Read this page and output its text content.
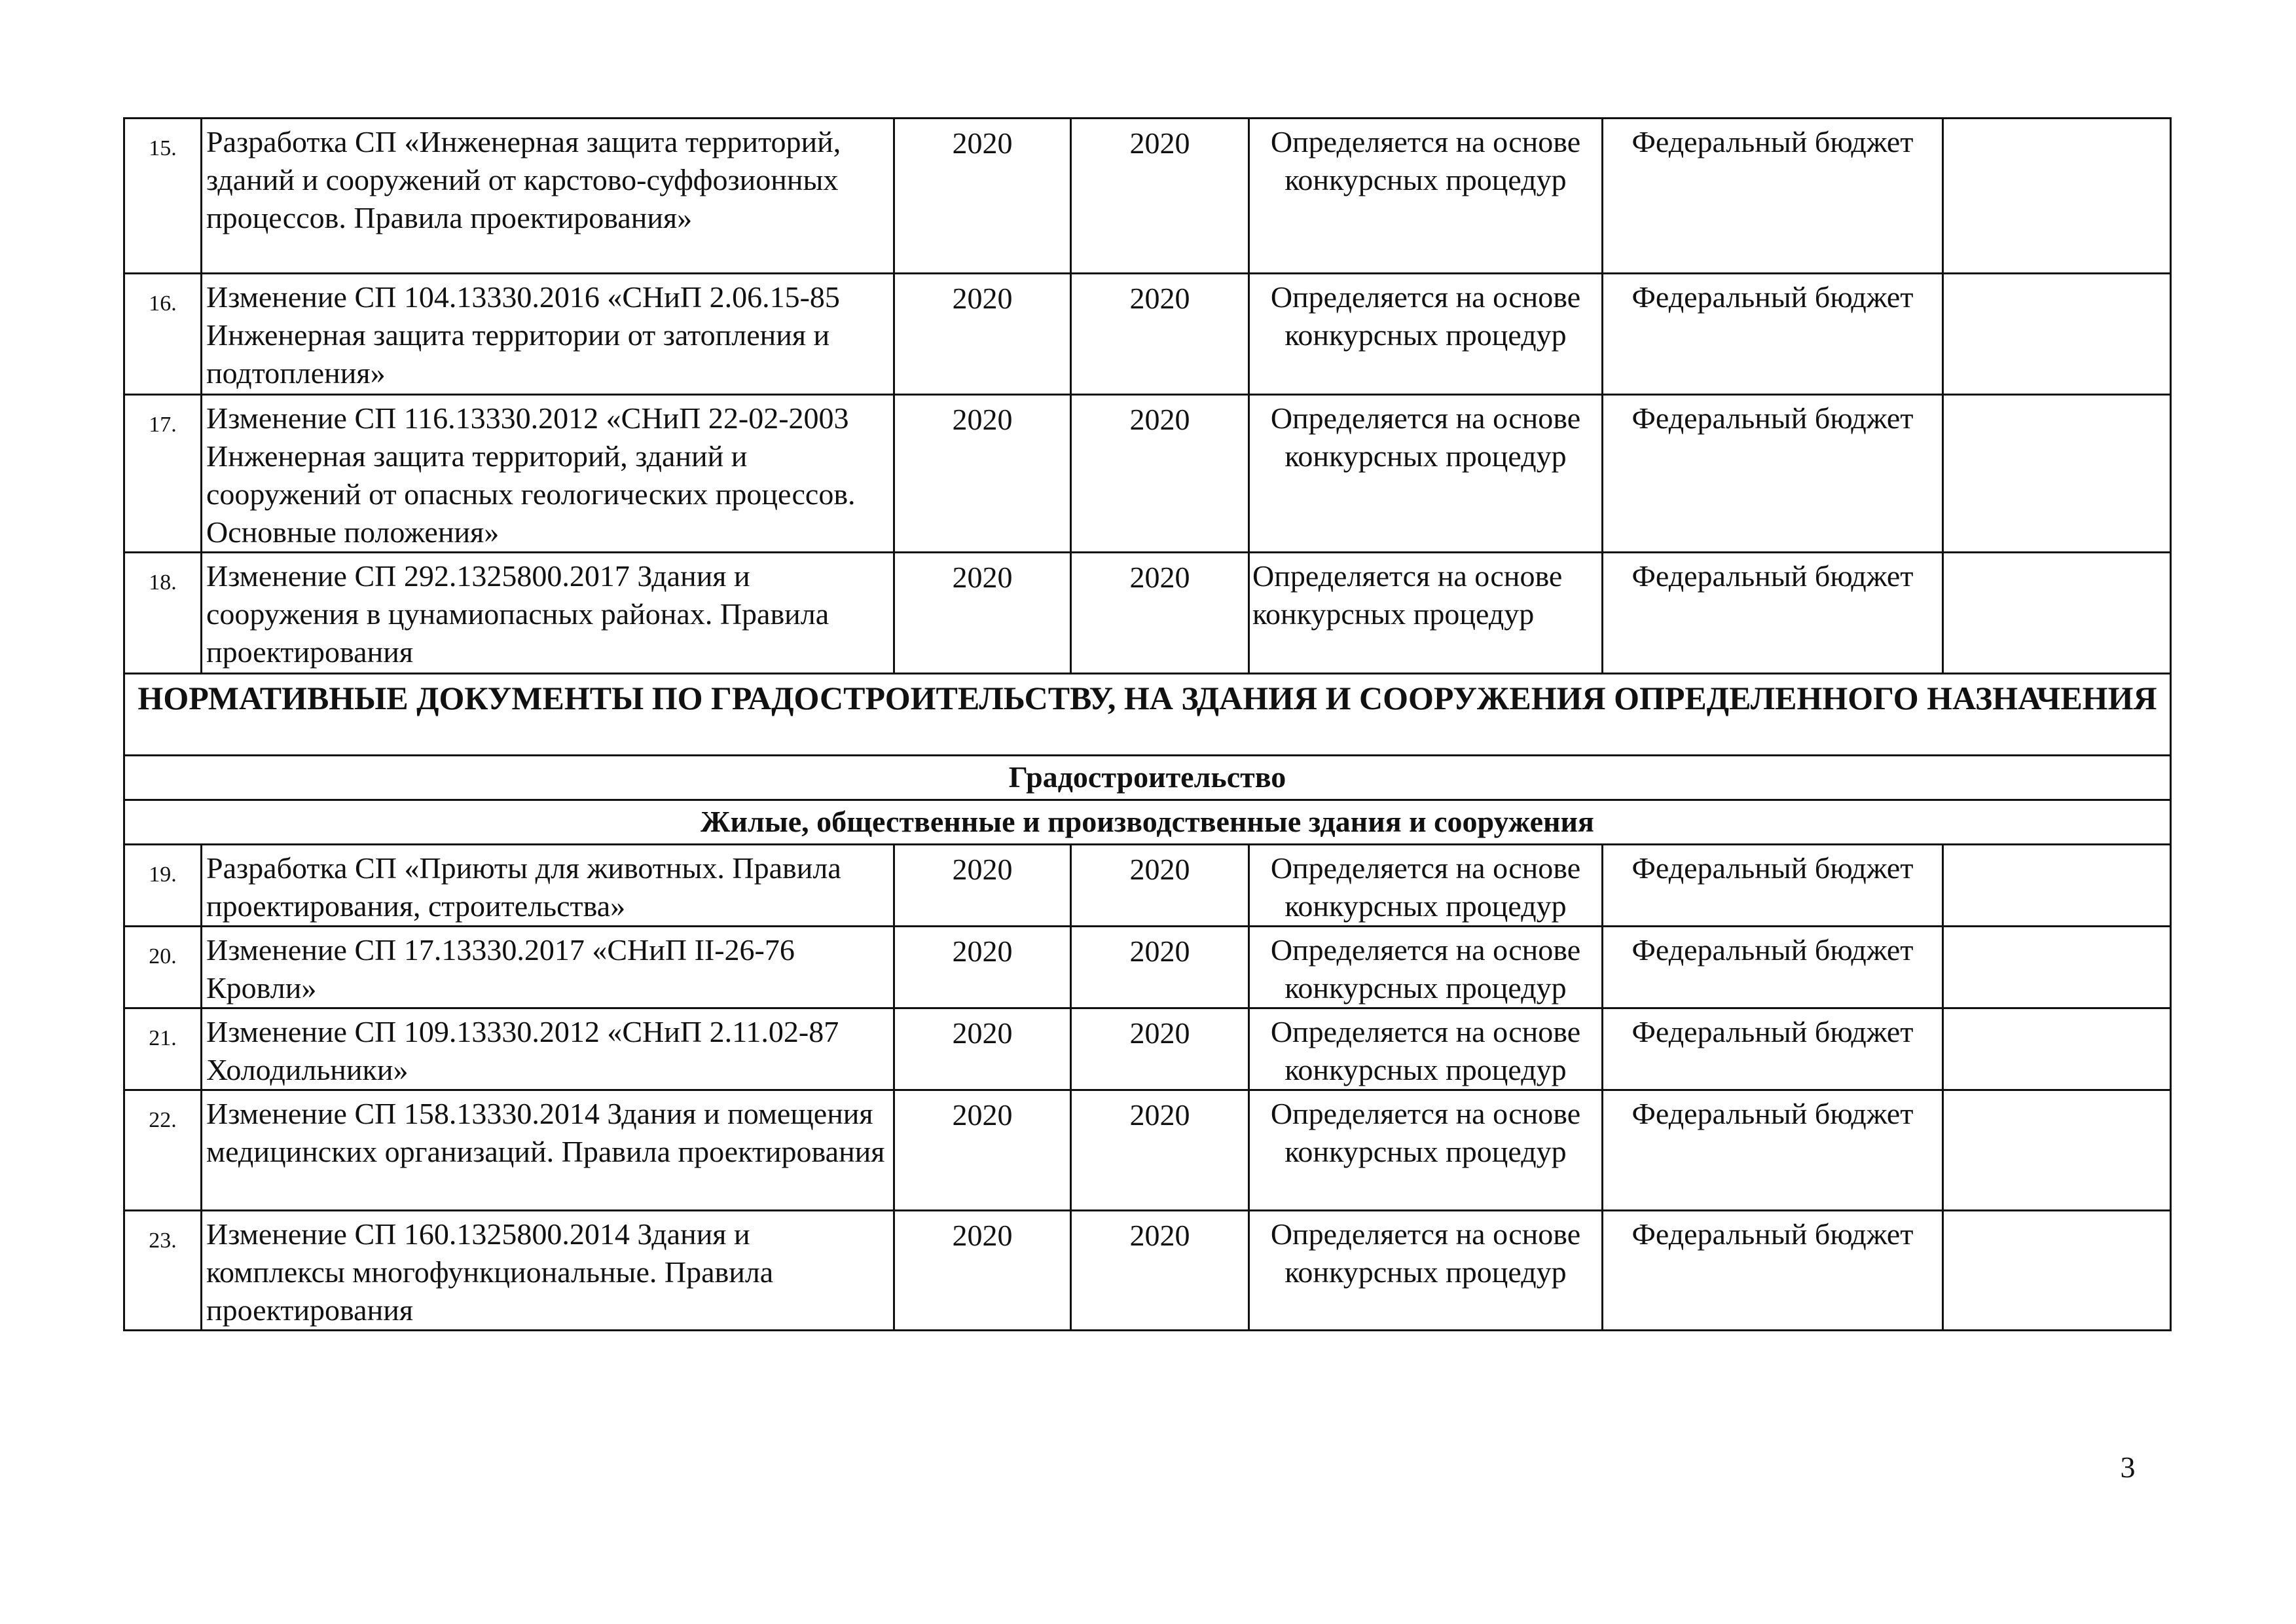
15.	Разработка СП «Инженерная защита территорий, зданий и сооружений от карстово-суффозионных процессов. Правила проектирования»	2020	2020	Определяется на основе конкурсных процедур	Федеральный бюджет	
16.	Изменение СП 104.13330.2016 «СНиП 2.06.15-85 Инженерная защита территории от затопления и подтопления»	2020	2020	Определяется на основе конкурсных процедур	Федеральный бюджет	
17.	Изменение СП 116.13330.2012 «СНиП 22-02-2003 Инженерная защита территорий, зданий и сооружений от опасных геологических процессов. Основные положения»	2020	2020	Определяется на основе конкурсных процедур	Федеральный бюджет	
18.	Изменение СП 292.1325800.2017 Здания и сооружения в цунамиопасных районах. Правила проектирования	2020	2020	Определяется на основе конкурсных процедур	Федеральный бюджет	
НОРМАТИВНЫЕ ДОКУМЕНТЫ ПО ГРАДОСТРОИТЕЛЬСТВУ, НА ЗДАНИЯ И СООРУЖЕНИЯ ОПРЕДЕЛЕННОГО НАЗНАЧЕНИЯ						
Градостроительство						
Жилые, общественные и производственные здания и сооружения						
19.	Разработка СП «Приюты для животных. Правила проектирования, строительства»	2020	2020	Определяется на основе конкурсных процедур	Федеральный бюджет	
20.	Изменение СП 17.13330.2017 «СНиП II-26-76 Кровли»	2020	2020	Определяется на основе конкурсных процедур	Федеральный бюджет	
21.	Изменение СП 109.13330.2012 «СНиП 2.11.02-87 Холодильники»	2020	2020	Определяется на основе конкурсных процедур	Федеральный бюджет	
22.	Изменение СП 158.13330.2014 Здания и помещения медицинских организаций. Правила проектирования	2020	2020	Определяется на основе конкурсных процедур	Федеральный бюджет	
23.	Изменение СП 160.1325800.2014 Здания и комплексы многофункциональные. Правила проектирования	2020	2020	Определяется на основе конкурсных процедур	Федеральный бюджет	
3
